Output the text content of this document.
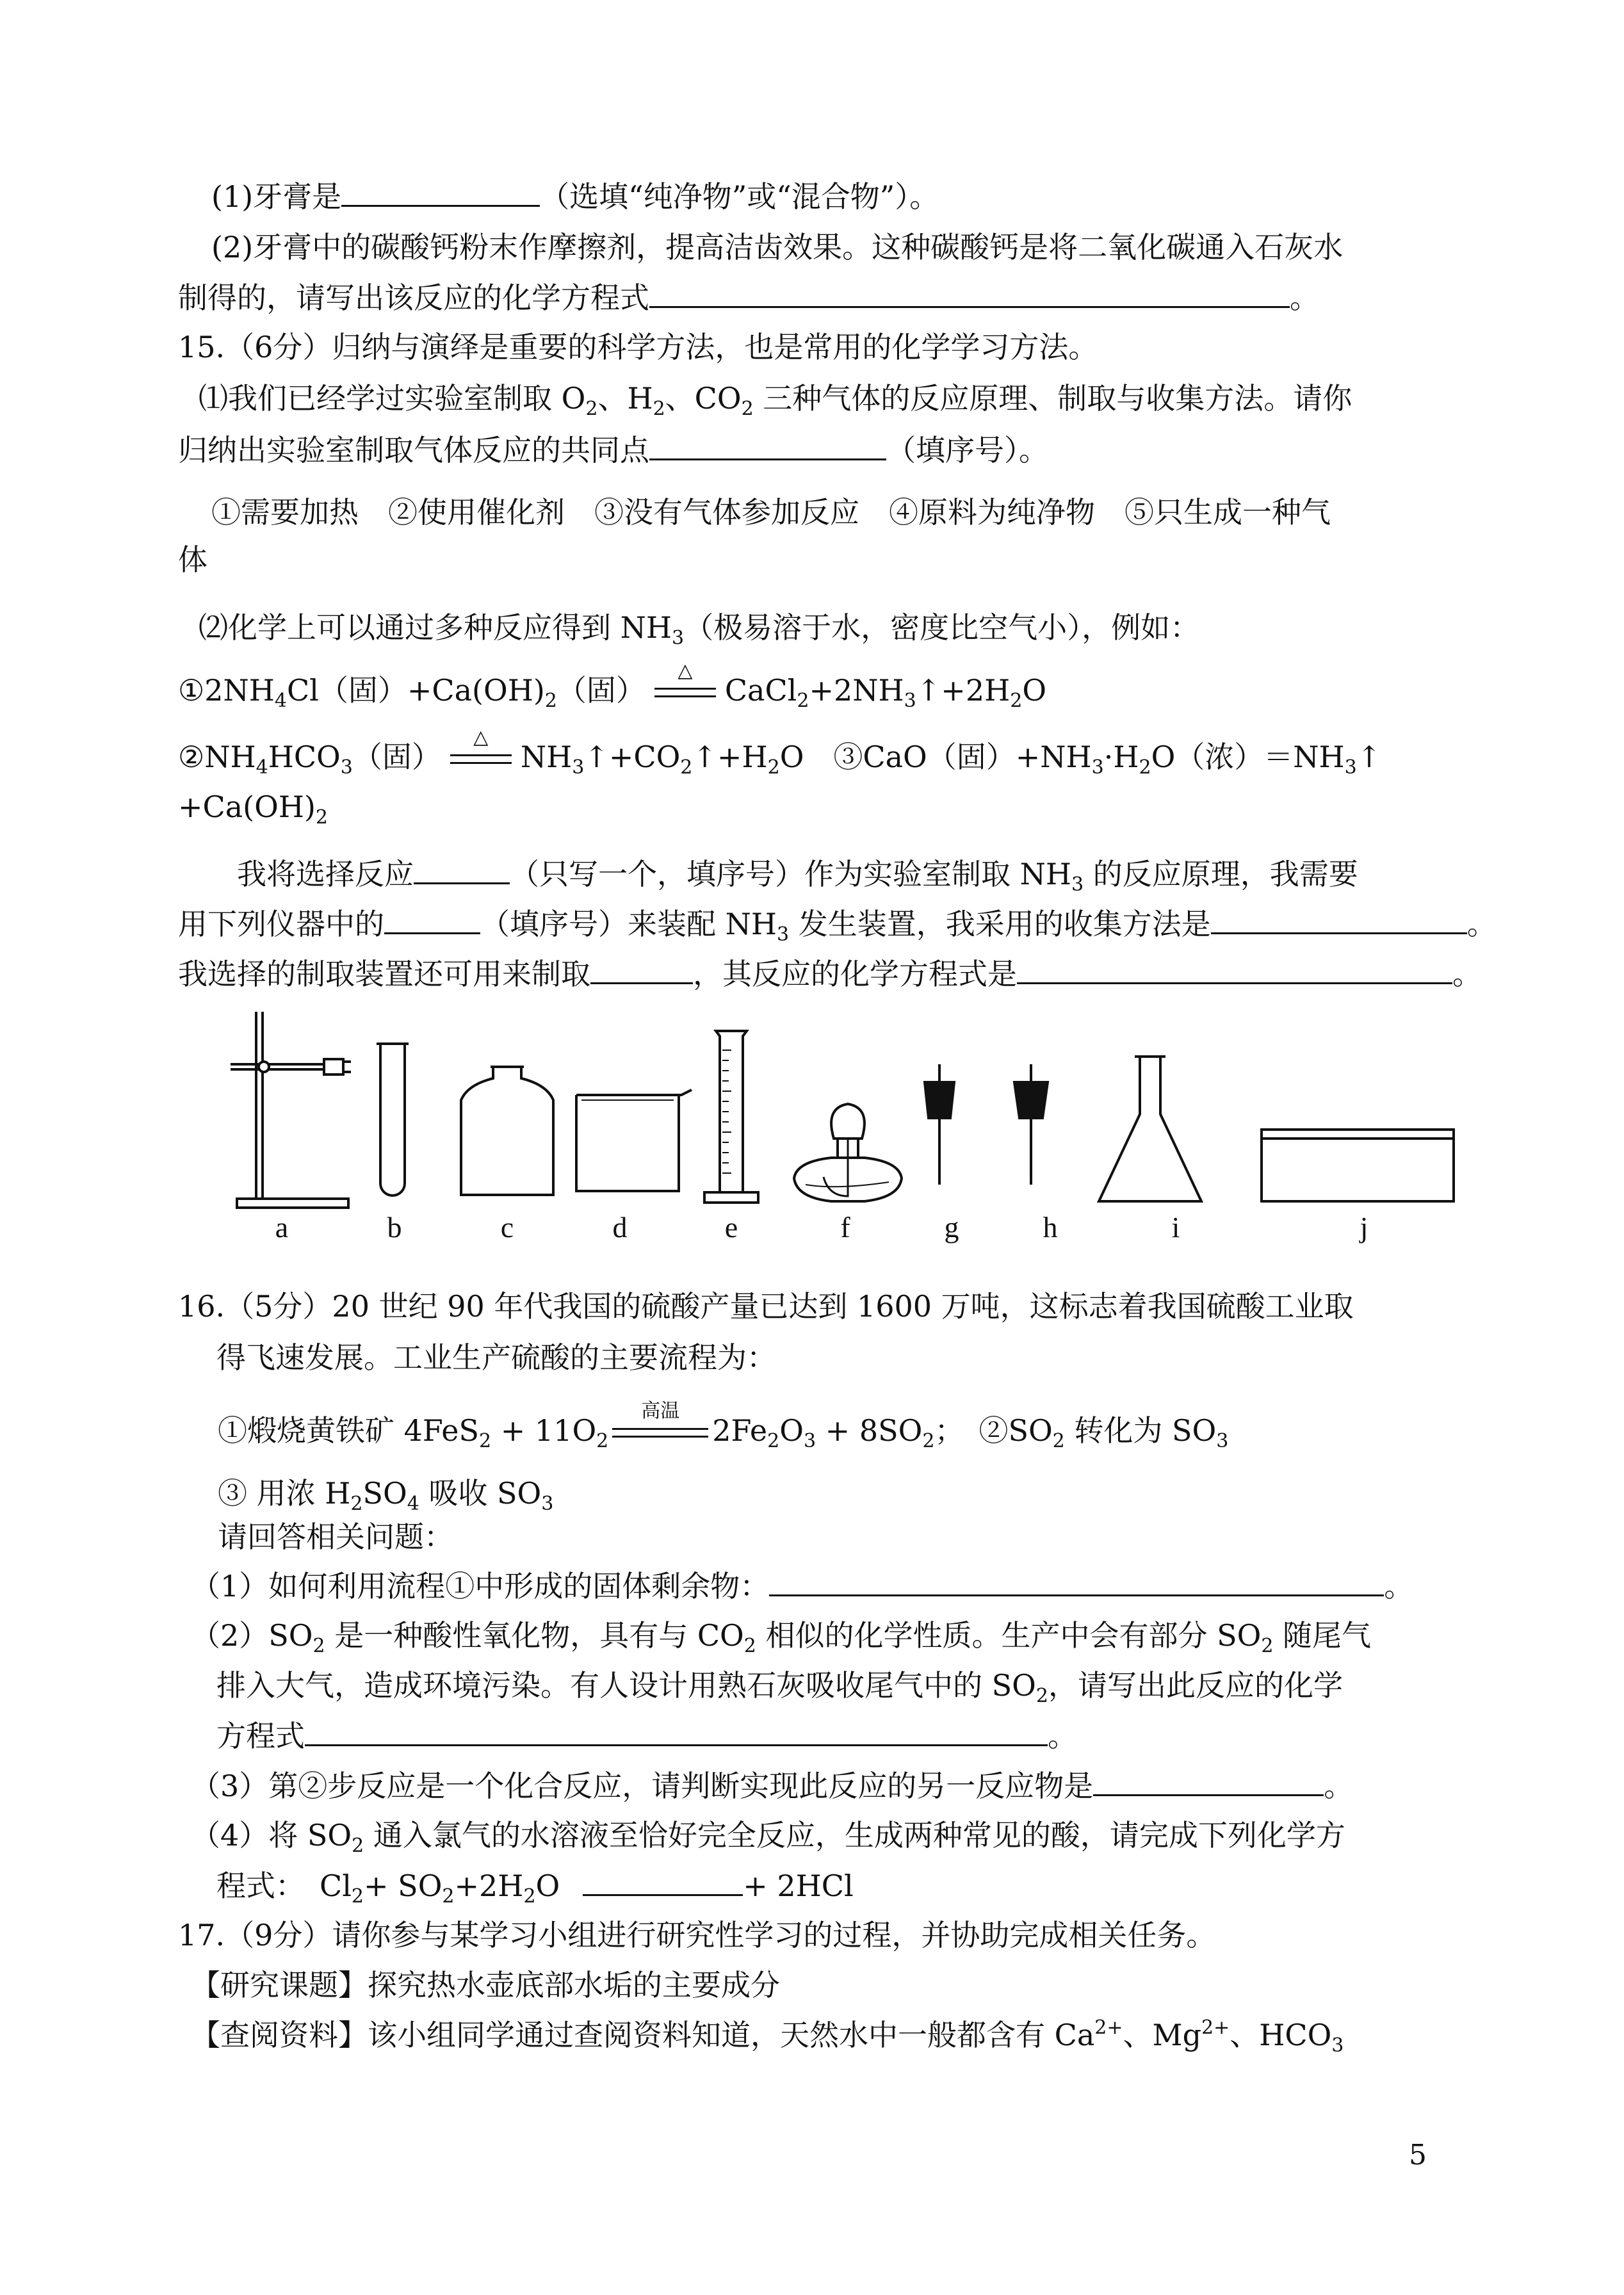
(1)牙膏是	（选填“纯净物”或“混合物”）。
(2)牙膏中的碳酸钙粉末作摩擦剂，提高洁齿效果。这种碳酸钙是将二氧化碳通入石灰水
制得的，请写出该反应的化学方程式	。
15.（6分）归纳与演绎是重要的科学方法，也是常用的化学学习方法。
⑴我们已经学过实验室制取 $O_2$、$H_2$、$CO_2$ 三种气体的反应原理、制取与收集方法。请你
归纳出实验室制取气体反应的共同点	（填序号）。
①需要加热　②使用催化剂　③没有气体参加反应　④原料为纯净物　⑤只生成一种气
体
⑵化学上可以通过多种反应得到 $NH_3$（极易溶于水，密度比空气小），例如：
$①2NH_4Cl$（固）$+Ca(OH)_2$（固）
△
$CaCl_2+2NH_3↑+2H_2O$
$②NH_4HCO_3$（固）
△
$NH_3↑+CO_2↑+H_2O$　③CaO（固）$+NH_3\cdot H_2O$（浓）$=NH_3↑$
$+Ca(OH)_2$
我将选择反应	（只写一个，填序号）作为实验室制取 $NH_3$ 的反应原理，我需要
用下列仪器中的	（填序号）来装配 $NH_3$ 发生装置，我采用的收集方法是	。
我选择的制取装置还可用来制取	，其反应的化学方程式是	。
a	b	c	d	e	f	g	h	i	j
16.（5分）20 世纪 90 年代我国的硫酸产量已达到 1600 万吨，这标志着我国硫酸工业取
得飞速发展。工业生产硫酸的主要流程为：
①煅烧黄铁矿 $4FeS_2 + 11O_2$
高温
$2Fe_2O_3 + 8SO_2$；　$②SO_2$ 转化为 $SO_3$
③ 用浓 $H_2SO_4$ 吸收 $SO_3$
请回答相关问题：
（1）如何利用流程①中形成的固体剩余物：	。
$(2)SO_2$ 是一种酸性氧化物，具有与 $CO_2$ 相似的化学性质。生产中会有部分 $SO_2$ 随尾气
排入大气，造成环境污染。有人设计用熟石灰吸收尾气中的 $SO_2$，请写出此反应的化学
方程式	。
（3）第②步反应是一个化合反应，请判断实现此反应的另一反应物是	。
（4）将 $SO_2$ 通入氯气的水溶液至恰好完全反应，生成两种常见的酸，请完成下列化学方
程式：　$Cl_2+ SO_2+2H_2O$	+ 2HCl
17.（9分）请你参与某学习小组进行研究性学习的过程，并协助完成相关任务。
【研究课题】探究热水壶底部水垢的主要成分
【查阅资料】该小组同学通过查阅资料知道，天然水中一般都含有 $Ca^{2+}$、$Mg^{2+}$、$HCO_3$
5
